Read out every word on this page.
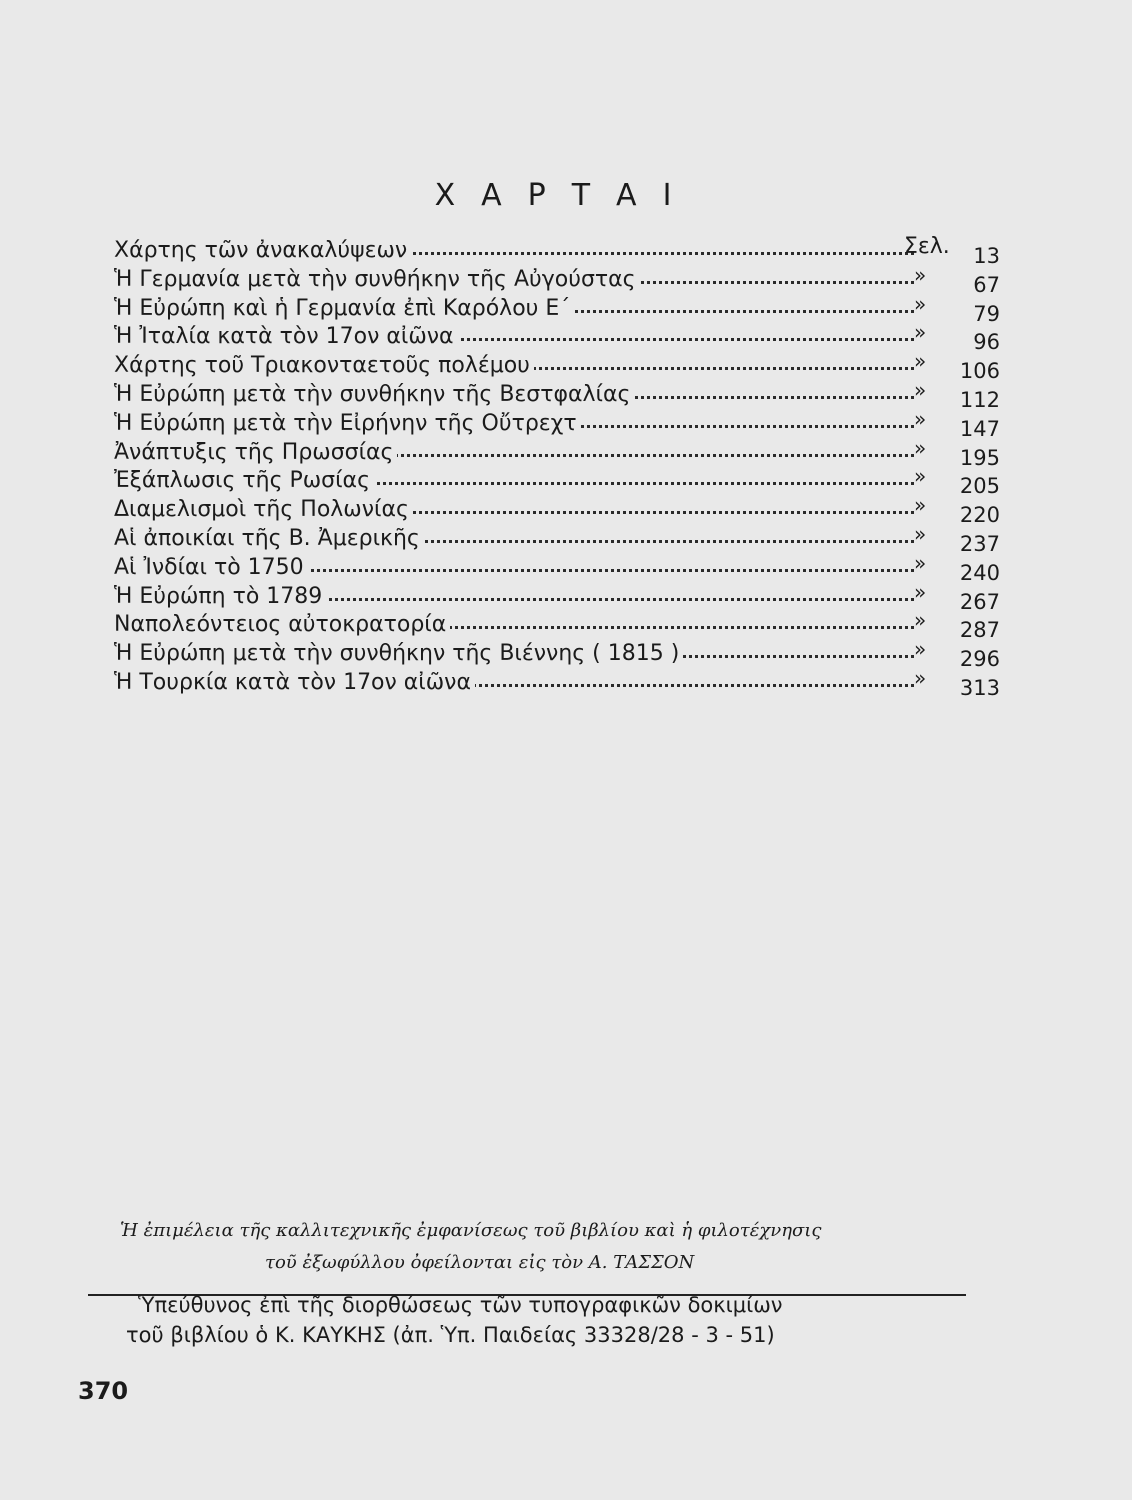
ΧΑΡΤΑΙ
Χάρτης τῶν ἀνακαλύψεων	Σελ. 13
Ἡ Γερμανία μετὰ τὴν συνθήκην τῆς Αὐγούστας	» 67
Ἡ Εὐρώπη καὶ ἡ Γερμανία ἐπὶ Καρόλου Ε΄	» 79
Ἡ Ἰταλία κατὰ τὸν 17ον αἰῶνα	» 96
Χάρτης τοῦ Τριακονταετοῦς πολέμου	» 106
Ἡ Εὐρώπη μετὰ τὴν συνθήκην τῆς Βεστφαλίας	» 112
Ἡ Εὐρώπη μετὰ τὴν Εἰρήνην τῆς Οὔτρεχτ	» 147
Ἀνάπτυξις τῆς Πρωσσίας	» 195
Ἐξάπλωσις τῆς Ρωσίας	» 205
Διαμελισμοὶ τῆς Πολωνίας	» 220
Αἱ ἀποικίαι τῆς Β. Ἀμερικῆς	» 237
Αἱ Ἰνδίαι τὸ 1750	» 240
Ἡ Εὐρώπη τὸ 1789	» 267
Ναπολεόντειος αὐτοκρατορία	» 287
Ἡ Εὐρώπη μετὰ τὴν συνθήκην τῆς Βιέννης ( 1815 )	» 296
Ἡ Τουρκία κατὰ τὸν 17ον αἰῶνα	» 313
Ἡ ἐπιμέλεια τῆς καλλιτεχνικῆς ἐμφανίσεως τοῦ βιβλίου καὶ ἡ φιλοτέχνησις
τοῦ ἐξωφύλλου ὀφείλονται εἰς τὸν Α. ΤΑΣΣΟΝ
Ὑπεύθυνος ἐπὶ τῆς διορθώσεως τῶν τυπογραφικῶν δοκιμίων
τοῦ βιβλίου ὁ Κ. ΚΑΥΚΗΣ (ἀπ. Ὑπ. Παιδείας 33328/28 - 3 - 51)
370
